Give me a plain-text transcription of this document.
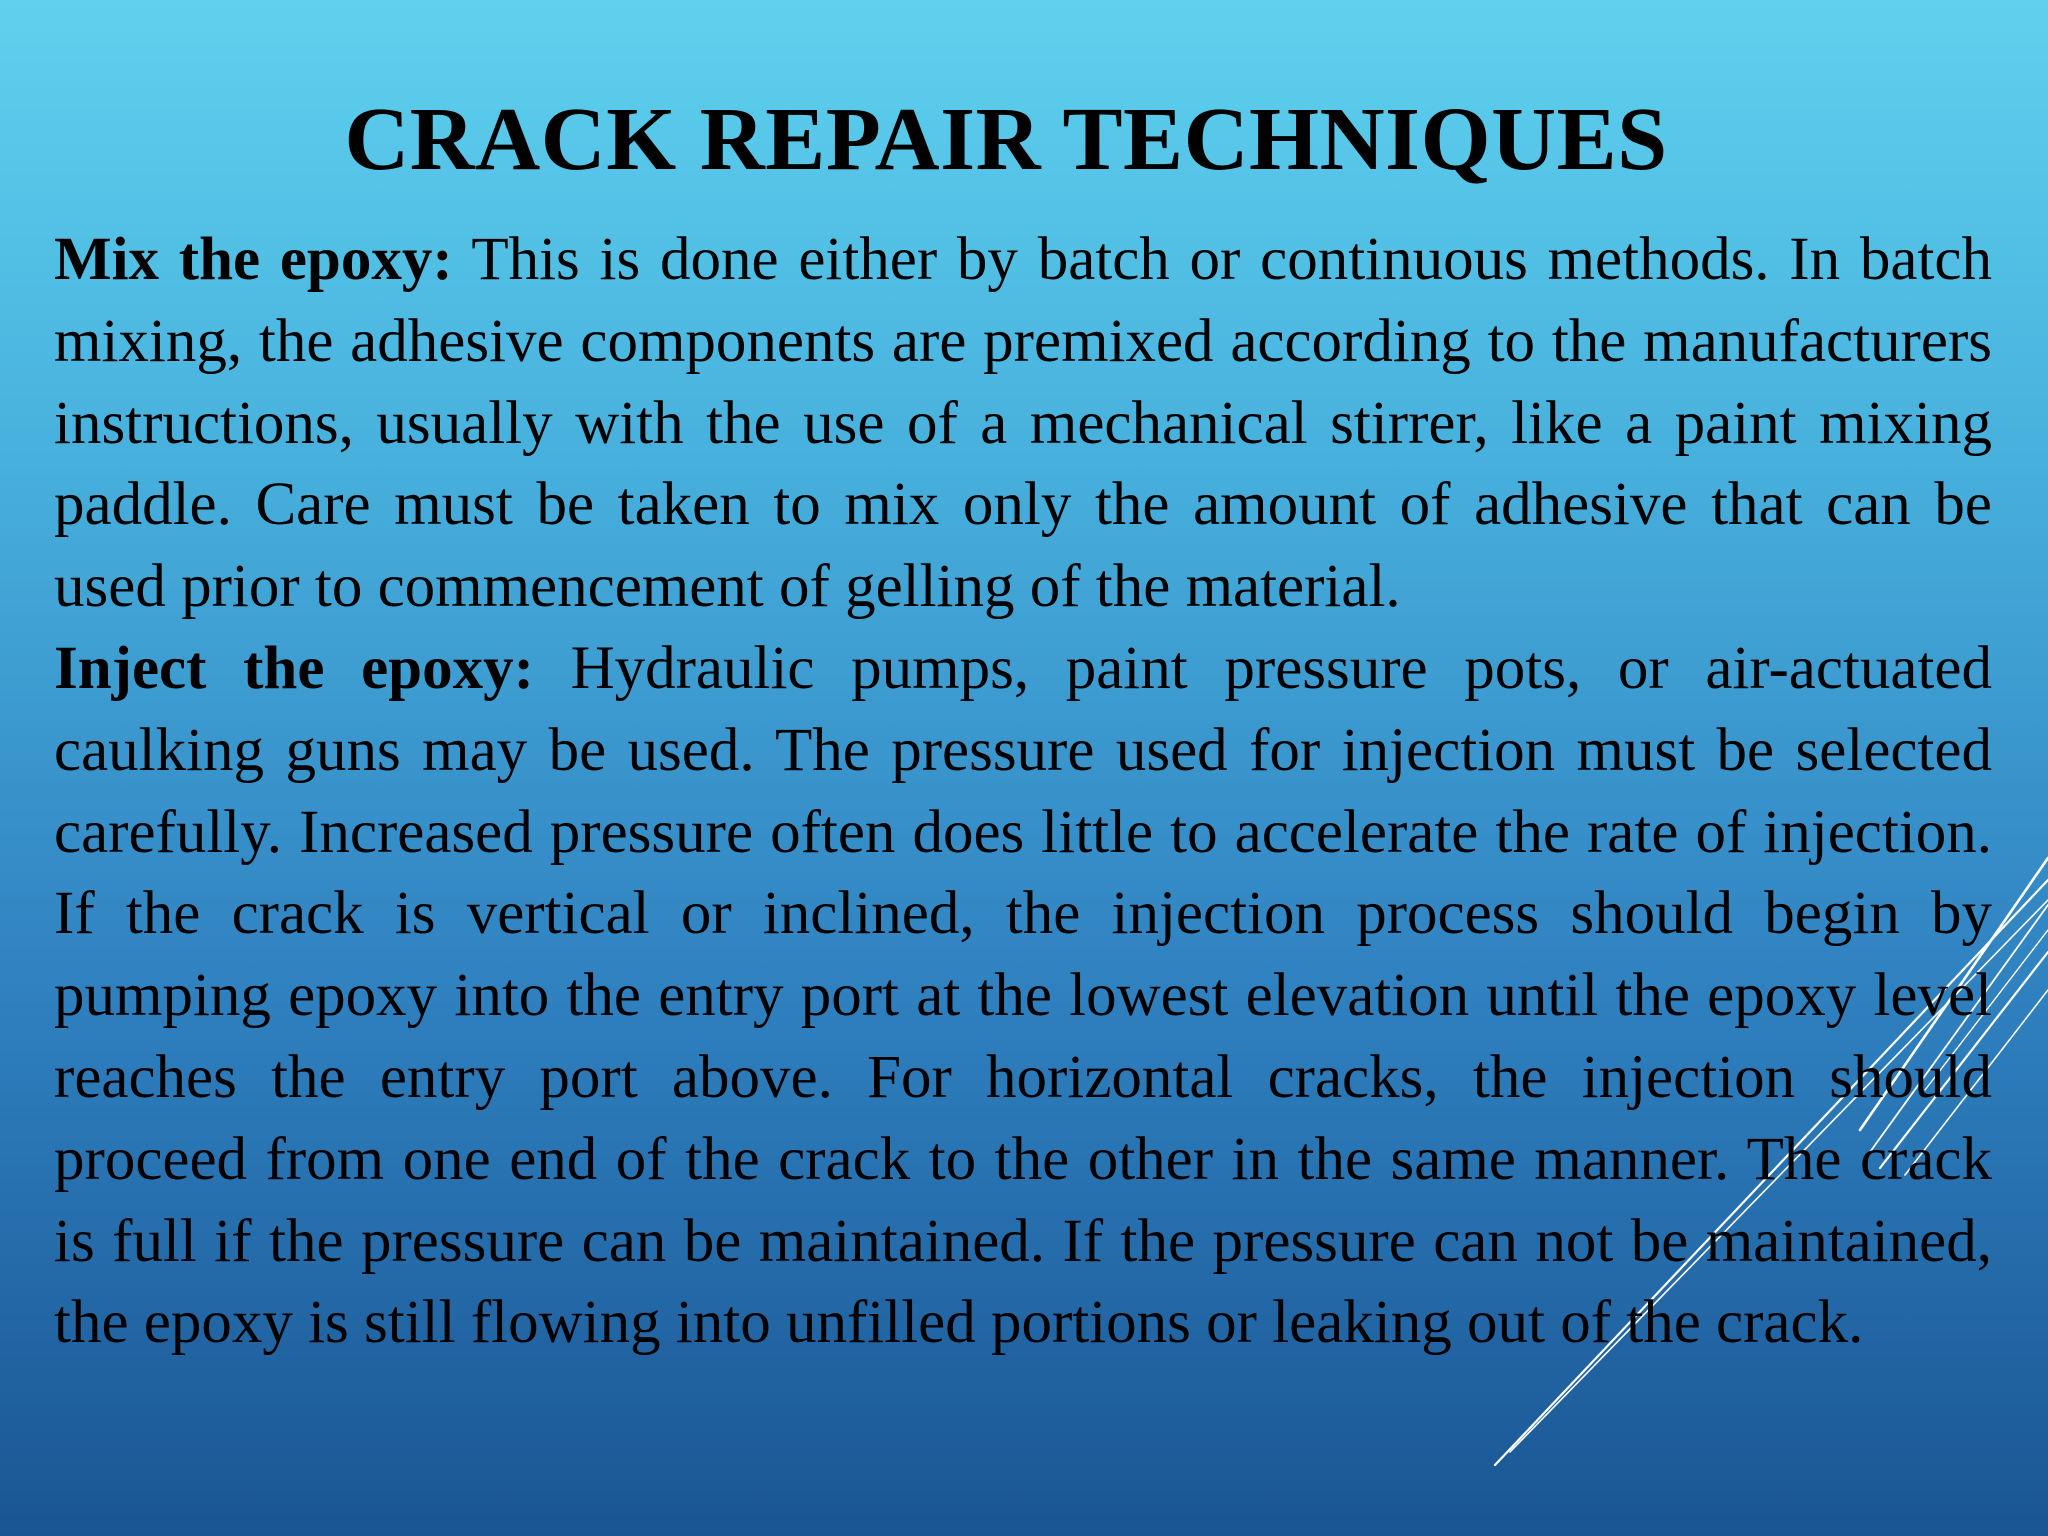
CRACK REPAIR TECHNIQUES

Mix the epoxy: This is done either by batch or continuous methods. In batch mixing, the adhesive components are premixed according to the manufacturers instructions, usually with the use of a mechanical stirrer, like a paint mixing paddle. Care must be taken to mix only the amount of adhesive that can be used prior to commencement of gelling of the material.

Inject the epoxy: Hydraulic pumps, paint pressure pots, or air-actuated caulking guns may be used. The pressure used for injection must be selected carefully. Increased pressure often does little to accelerate the rate of injection. If the crack is vertical or inclined, the injection process should begin by pumping epoxy into the entry port at the lowest elevation until the epoxy level reaches the entry port above. For horizontal cracks, the injection should proceed from one end of the crack to the other in the same manner. The crack is full if the pressure can be maintained. If the pressure can not be maintained, the epoxy is still flowing into unfilled portions or leaking out of the crack.
